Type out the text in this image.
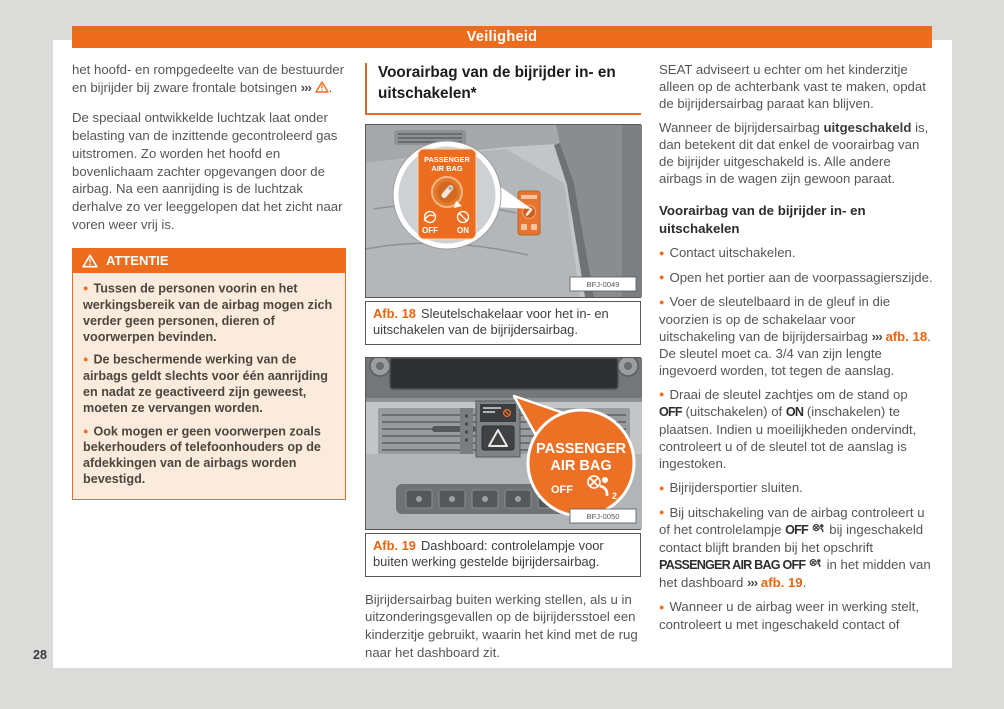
Veiligheid
28

het hoofd- en rompgedeelte van de bestuurder en bijrijder bij zware frontale botsingen ››› .

De speciaal ontwikkelde luchtzak laat onder belasting van de inzittende gecontroleerd gas uitstromen. Zo worden het hoofd en bovenlichaam zachter opgevangen door de airbag. Na een aanrijding is de luchtzak derhalve zo ver leeggelopen dat het zicht naar voren weer vrij is.

ATTENTIE

● Tussen de personen voorin en het werkingsbereik van de airbag mogen zich verder geen personen, dieren of voorwerpen bevinden.

● De beschermende werking van de airbags geldt slechts voor één aanrijding en nadat ze geactiveerd zijn geweest, moeten ze vervangen worden.

● Ook mogen er geen voorwerpen zoals bekerhouders of telefoonhouders op de afdekkingen van de airbags worden bevestigd.

Voorairbag van de bijrijder in- en uitschakelen*
PASSENGER
AIR BAG
OFF ON
BFJ-0049
Afb. 18 Sleutelschakelaar voor het in- en uitschakelen van de bijrijdersairbag.
PASSENGER
AIR BAG
OFF	2
BFJ-0050
Afb. 19 Dashboard: controlelampje voor buiten werking gestelde bijrijdersairbag.

Bijrijdersairbag buiten werking stellen, als u in uitzonderingsgevallen op de bijrijdersstoel een kinderzitje gebruikt, waarin het kind met de rug naar het dashboard zit.

SEAT adviseert u echter om het kinderzitje alleen op de achterbank vast te maken, opdat de bijrijdersairbag paraat kan blijven.

Wanneer de bijrijdersairbag uitgeschakeld is, dan betekent dit dat enkel de voorairbag van de bijrijder uitgeschakeld is. Alle andere airbags in de wagen zijn gewoon paraat.

Voorairbag van de bijrijder in- en uitschakelen

● Contact uitschakelen.

● Open het portier aan de voorpassagierszijde.

● Voer de sleutelbaard in de gleuf in die voorzien is op de schakelaar voor uitschakeling van de bijrijdersairbag ››› afb. 18. De sleutel moet ca. 3/4 van zijn lengte ingevoerd worden, tot tegen de aanslag.

● Draai de sleutel zachtjes om de stand op OFF (uitschakelen) of ON (inschakelen) te plaatsen. Indien u moeilijkheden ondervindt, controleert u of de sleutel tot de aanslag is ingestoken.

● Bijrijdersportier sluiten.

● Bij uitschakeling van de airbag controleert u of het controlelampje OFF bij ingeschakeld contact blijft branden bij het opschrift PASSENGER AIR BAG OFF in het midden van het dashboard ››› afb. 19.

● Wanneer u de airbag weer in werking stelt, controleert u met ingeschakeld contact of
